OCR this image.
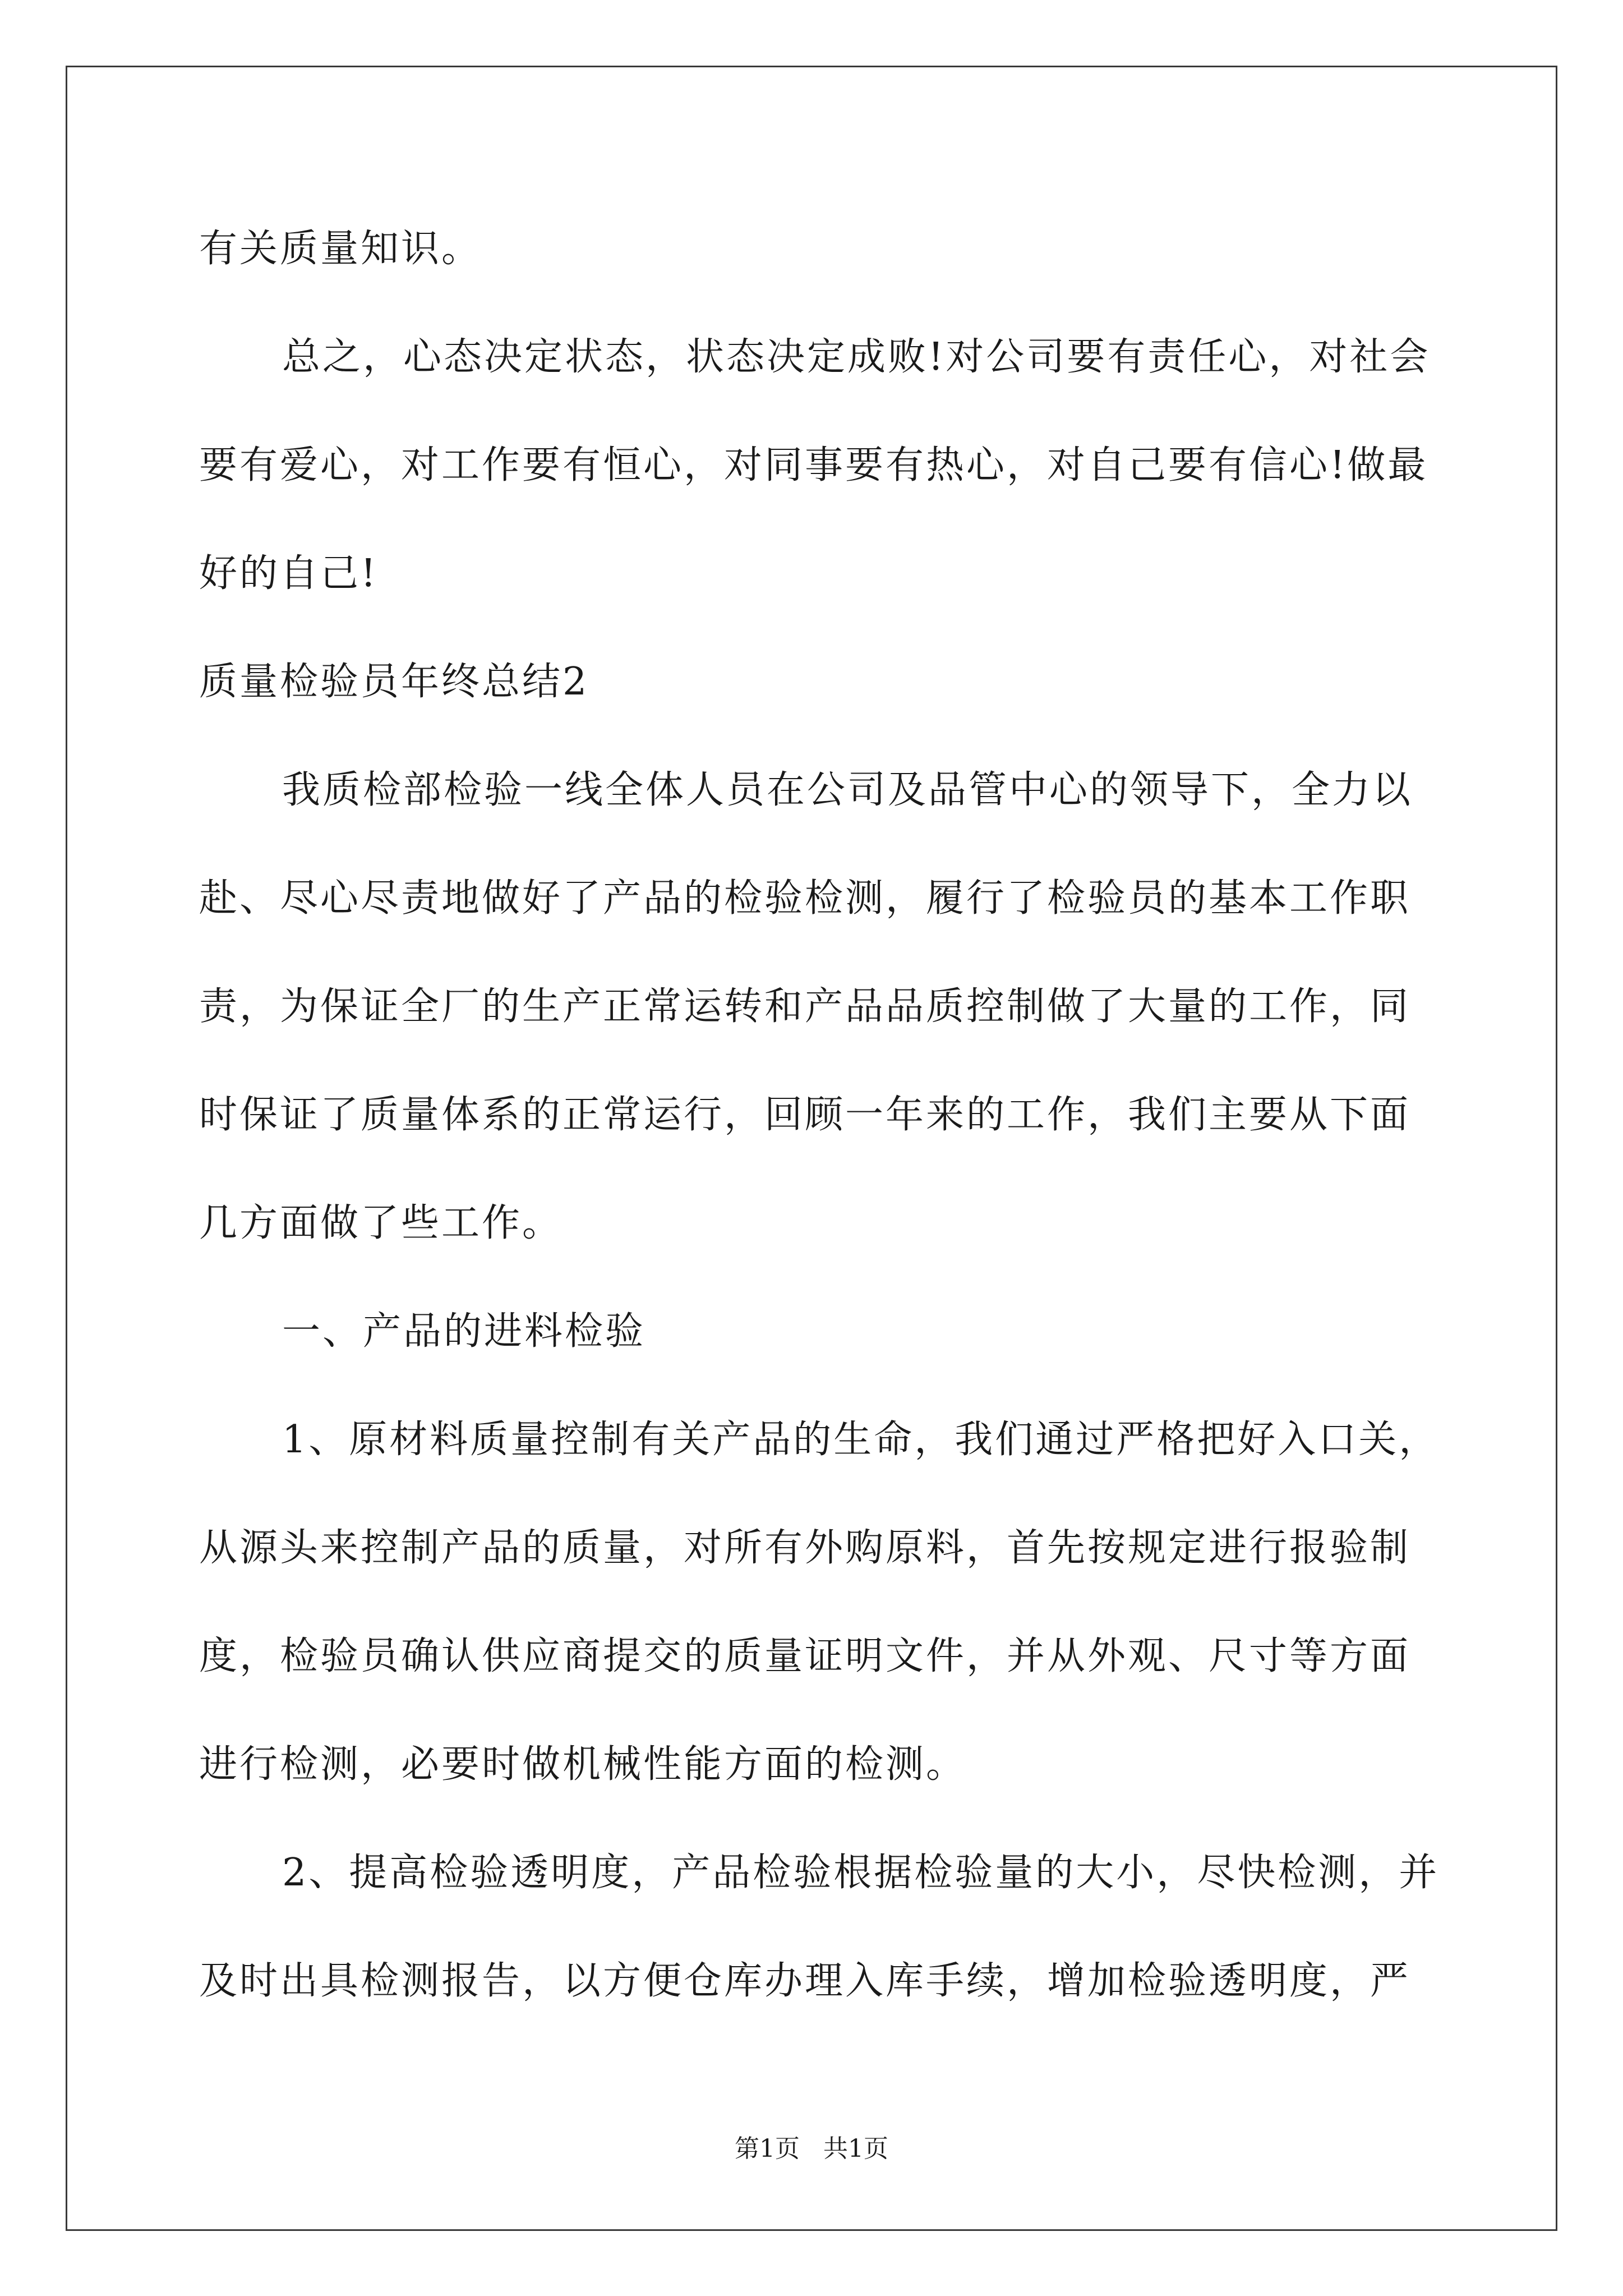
有关质量知识。
总之，心态决定状态，状态决定成败!对公司要有责任心，对社会
要有爱心，对工作要有恒心，对同事要有热心，对自己要有信心!做最
好的自己!
质量检验员年终总结2
我质检部检验一线全体人员在公司及品管中心的领导下，全力以
赴、尽心尽责地做好了产品的检验检测，履行了检验员的基本工作职
责，为保证全厂的生产正常运转和产品品质控制做了大量的工作，同
时保证了质量体系的正常运行，回顾一年来的工作，我们主要从下面
几方面做了些工作。
一、产品的进料检验
1、原材料质量控制有关产品的生命，我们通过严格把好入口关，
从源头来控制产品的质量，对所有外购原料，首先按规定进行报验制
度，检验员确认供应商提交的质量证明文件，并从外观、尺寸等方面
进行检测，必要时做机械性能方面的检测。
2、提高检验透明度，产品检验根据检验量的大小，尽快检测，并
及时出具检测报告，以方便仓库办理入库手续，增加检验透明度，严
第1页   共1页
